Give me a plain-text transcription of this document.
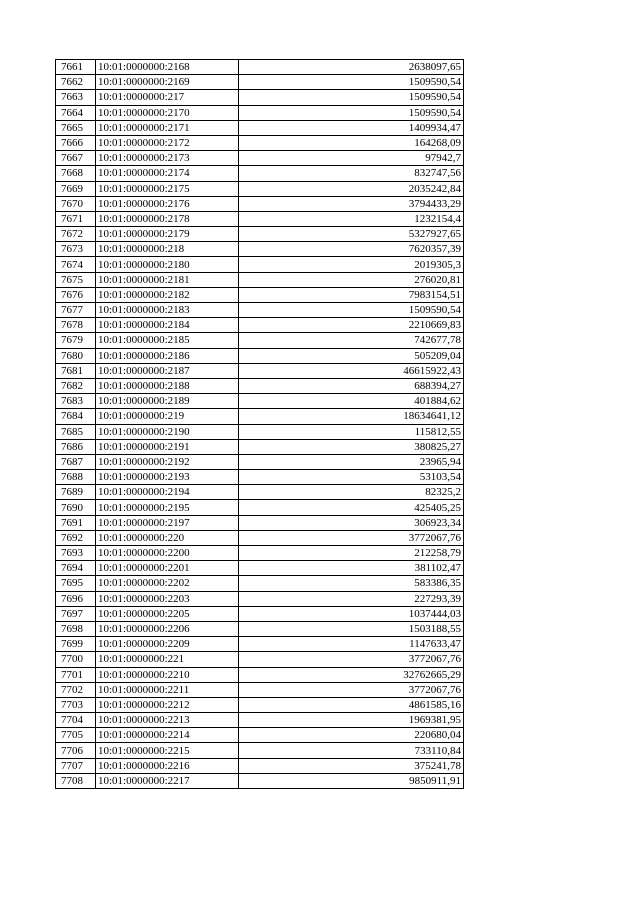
7661	10:01:0000000:2168	2638097,65
7662	10:01:0000000:2169	1509590,54
7663	10:01:0000000:217	1509590,54
7664	10:01:0000000:2170	1509590,54
7665	10:01:0000000:2171	1409934,47
7666	10:01:0000000:2172	164268,09
7667	10:01:0000000:2173	97942,7
7668	10:01:0000000:2174	832747,56
7669	10:01:0000000:2175	2035242,84
7670	10:01:0000000:2176	3794433,29
7671	10:01:0000000:2178	1232154,4
7672	10:01:0000000:2179	5327927,65
7673	10:01:0000000:218	7620357,39
7674	10:01:0000000:2180	2019305,3
7675	10:01:0000000:2181	276020,81
7676	10:01:0000000:2182	7983154,51
7677	10:01:0000000:2183	1509590,54
7678	10:01:0000000:2184	2210669,83
7679	10:01:0000000:2185	742677,78
7680	10:01:0000000:2186	505209,04
7681	10:01:0000000:2187	46615922,43
7682	10:01:0000000:2188	688394,27
7683	10:01:0000000:2189	401884,62
7684	10:01:0000000:219	18634641,12
7685	10:01:0000000:2190	115812,55
7686	10:01:0000000:2191	380825,27
7687	10:01:0000000:2192	23965,94
7688	10:01:0000000:2193	53103,54
7689	10:01:0000000:2194	82325,2
7690	10:01:0000000:2195	425405,25
7691	10:01:0000000:2197	306923,34
7692	10:01:0000000:220	3772067,76
7693	10:01:0000000:2200	212258,79
7694	10:01:0000000:2201	381102,47
7695	10:01:0000000:2202	583386,35
7696	10:01:0000000:2203	227293,39
7697	10:01:0000000:2205	1037444,03
7698	10:01:0000000:2206	1503188,55
7699	10:01:0000000:2209	1147633,47
7700	10:01:0000000:221	3772067,76
7701	10:01:0000000:2210	32762665,29
7702	10:01:0000000:2211	3772067,76
7703	10:01:0000000:2212	4861585,16
7704	10:01:0000000:2213	1969381,95
7705	10:01:0000000:2214	220680,04
7706	10:01:0000000:2215	733110,84
7707	10:01:0000000:2216	375241,78
7708	10:01:0000000:2217	9850911,91
